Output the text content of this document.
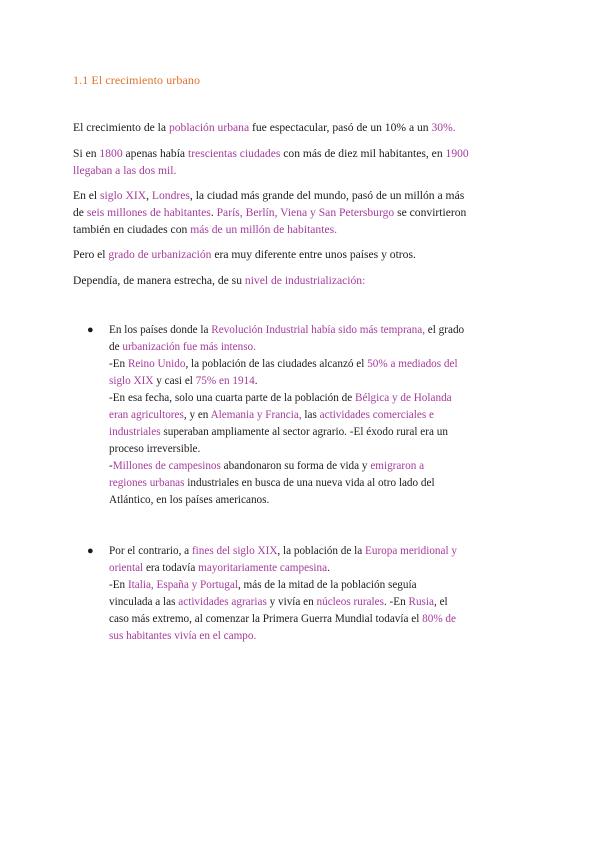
1.1 El crecimiento urbano
El crecimiento de la población urbana fue espectacular, pasó de un 10% a un 30%.
Si en 1800 apenas había trescientas ciudades con más de diez mil habitantes, en 1900
llegaban a las dos mil.
En el siglo XIX, Londres, la ciudad más grande del mundo, pasó de un millón a más
de seis millones de habitantes. París, Berlín, Viena y San Petersburgo se convirtieron
también en ciudades con más de un millón de habitantes.
Pero el grado de urbanización era muy diferente entre unos países y otros.
Dependía, de manera estrecha, de su nivel de industrialización:
● En los países donde la Revolución Industrial había sido más temprana, el grado
de urbanización fue más intenso.
-En Reino Unido, la población de las ciudades alcanzó el 50% a mediados del
siglo XIX y casi el 75% en 1914.
-En esa fecha, solo una cuarta parte de la población de Bélgica y de Holanda
eran agricultores, y en Alemania y Francia, las actividades comerciales e
industriales superaban ampliamente al sector agrario. -El éxodo rural era un
proceso irreversible.
-Millones de campesinos abandonaron su forma de vida y emigraron a
regiones urbanas industriales en busca de una nueva vida al otro lado del
Atlántico, en los países americanos.
● Por el contrario, a fines del siglo XIX, la población de la Europa meridional y
oriental era todavía mayoritariamente campesina.
-En Italia, España y Portugal, más de la mitad de la población seguía
vinculada a las actividades agrarias y vivía en núcleos rurales. -En Rusia, el
caso más extremo, al comenzar la Primera Guerra Mundial todavía el 80% de
sus habitantes vivía en el campo.
